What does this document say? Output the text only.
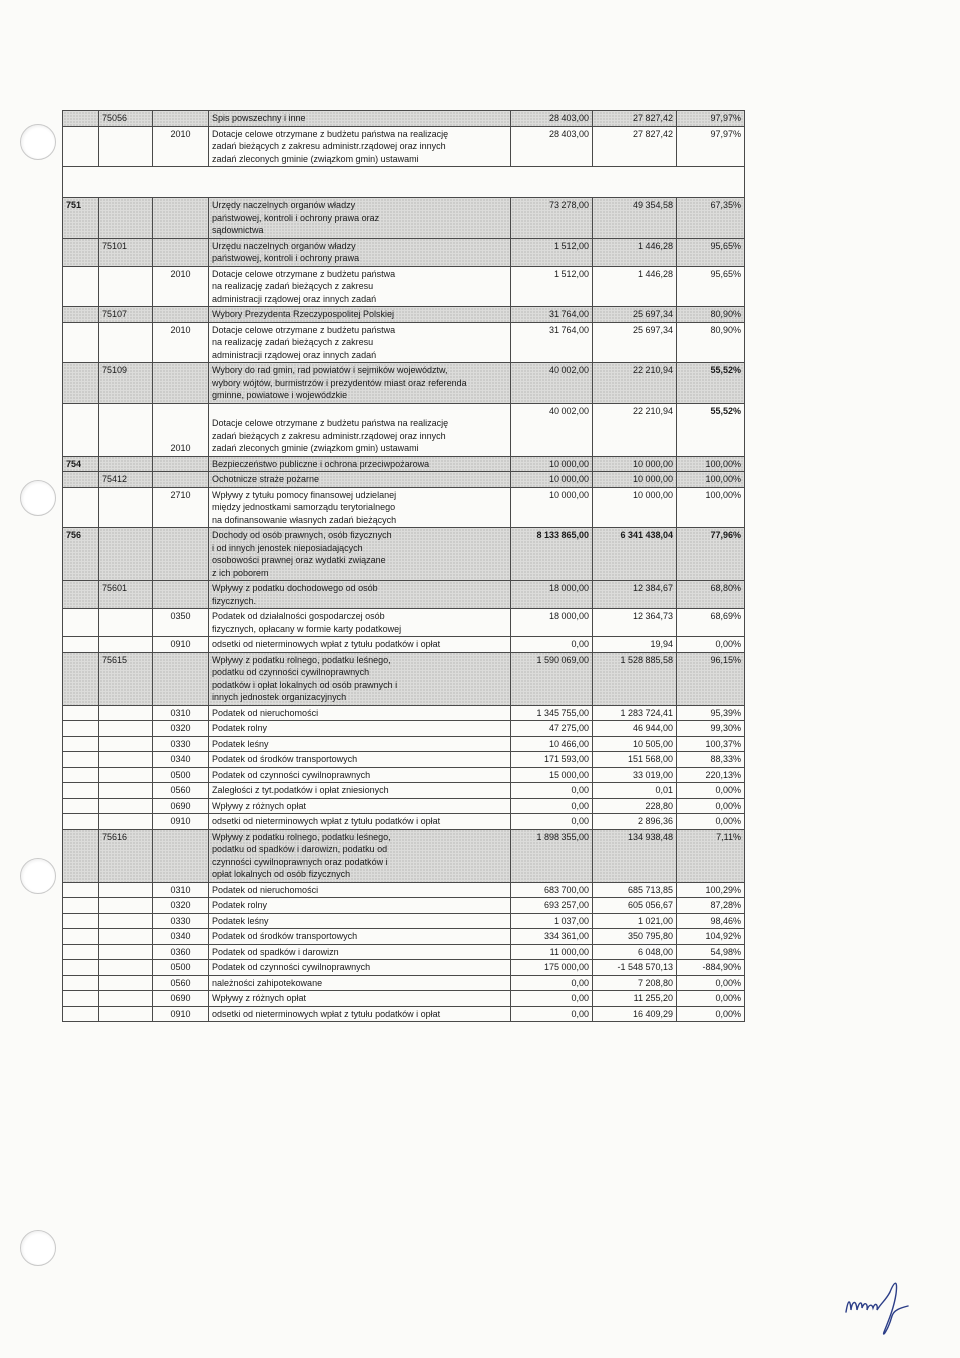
	75056		Spis powszechny i inne	28 403,00	27 827,42	97,97%
		2010	Dotacje celowe otrzymane z budżetu państwa na realizację
zadań bieżących z zakresu administr.rządowej oraz innych
zadań zleconych gminie (związkom gmin) ustawami	28 403,00	27 827,42	97,97%

751			Urzędy naczelnych organów władzy
państwowej, kontroli i ochrony prawa oraz
sądownictwa	73 278,00	49 354,58	67,35%
	75101		Urzędu naczelnych organów władzy
państwowej, kontroli i ochrony prawa	1 512,00	1 446,28	95,65%
		2010	Dotacje celowe otrzymane z budżetu państwa
na realizację zadań bieżących z zakresu
administracji rządowej oraz innych zadań	1 512,00	1 446,28	95,65%
	75107		Wybory Prezydenta Rzeczypospolitej Polskiej	31 764,00	25 697,34	80,90%
		2010	Dotacje celowe otrzymane z budżetu państwa
na realizację zadań bieżących z zakresu
administracji rządowej oraz innych zadań	31 764,00	25 697,34	80,90%
	75109		Wybory do rad gmin, rad powiatów i sejmików województw,
wybory wójtów, burmistrzów i prezydentów miast oraz referenda
gminne, powiatowe i wojewódzkie	40 002,00	22 210,94	55,52%
		2010	Dotacje celowe otrzymane z budżetu państwa na realizację
zadań bieżących z zakresu administr.rządowej oraz innych
zadań zleconych gminie (związkom gmin) ustawami	40 002,00	22 210,94	55,52%
754			Bezpieczeństwo publiczne i ochrona przeciwpożarowa	10 000,00	10 000,00	100,00%
	75412		Ochotnicze straże pożarne	10 000,00	10 000,00	100,00%
		2710	Wpływy z tytułu pomocy finansowej udzielanej
między jednostkami samorządu terytorialnego
na dofinansowanie własnych zadań bieżących	10 000,00	10 000,00	100,00%
756			Dochody od osób prawnych, osób fizycznych
i od innych jenostek nieposiadających
osobowości prawnej oraz wydatki związane
z ich poborem	8 133 865,00	6 341 438,04	77,96%
	75601		Wpływy z podatku dochodowego od osób
fizycznych.	18 000,00	12 384,67	68,80%
		0350	Podatek od działalności gospodarczej osób
fizycznych, opłacany w formie karty podatkowej	18 000,00	12 364,73	68,69%
		0910	odsetki od nieterminowych wpłat z tytułu podatków i opłat	0,00	19,94	0,00%
	75615		Wpływy z podatku rolnego, podatku leśnego,
podatku od czynności cywilnoprawnych
podatków i opłat lokalnych od osób prawnych i
innych jednostek organizacyjnych	1 590 069,00	1 528 885,58	96,15%
		0310	Podatek od nieruchomości	1 345 755,00	1 283 724,41	95,39%
		0320	Podatek rolny	47 275,00	46 944,00	99,30%
		0330	Podatek leśny	10 466,00	10 505,00	100,37%
		0340	Podatek od środków transportowych	171 593,00	151 568,00	88,33%
		0500	Podatek od czynności cywilnoprawnych	15 000,00	33 019,00	220,13%
		0560	Zaległości z tyt.podatków i opłat zniesionych	0,00	0,01	0,00%
		0690	Wpływy z różnych opłat	0,00	228,80	0,00%
		0910	odsetki od nieterminowych wpłat z tytułu podatków i opłat	0,00	2 896,36	0,00%
	75616		Wpływy z podatku rolnego, podatku leśnego,
podatku od spadków i darowizn, podatku od
czynności cywilnoprawnych oraz podatków i
opłat lokalnych od osób fizycznych	1 898 355,00	134 938,48	7,11%
		0310	Podatek od nieruchomości	683 700,00	685 713,85	100,29%
		0320	Podatek rolny	693 257,00	605 056,67	87,28%
		0330	Podatek leśny	1 037,00	1 021,00	98,46%
		0340	Podatek od środków transportowych	334 361,00	350 795,80	104,92%
		0360	Podatek od spadków i darowizn	11 000,00	6 048,00	54,98%
		0500	Podatek od czynności cywilnoprawnych	175 000,00	-1 548 570,13	-884,90%
		0560	należności zahipotekowane	0,00	7 208,80	0,00%
		0690	Wpływy z różnych opłat	0,00	11 255,20	0,00%
		0910	odsetki od nieterminowych wpłat z tytułu podatków i opłat	0,00	16 409,29	0,00%
